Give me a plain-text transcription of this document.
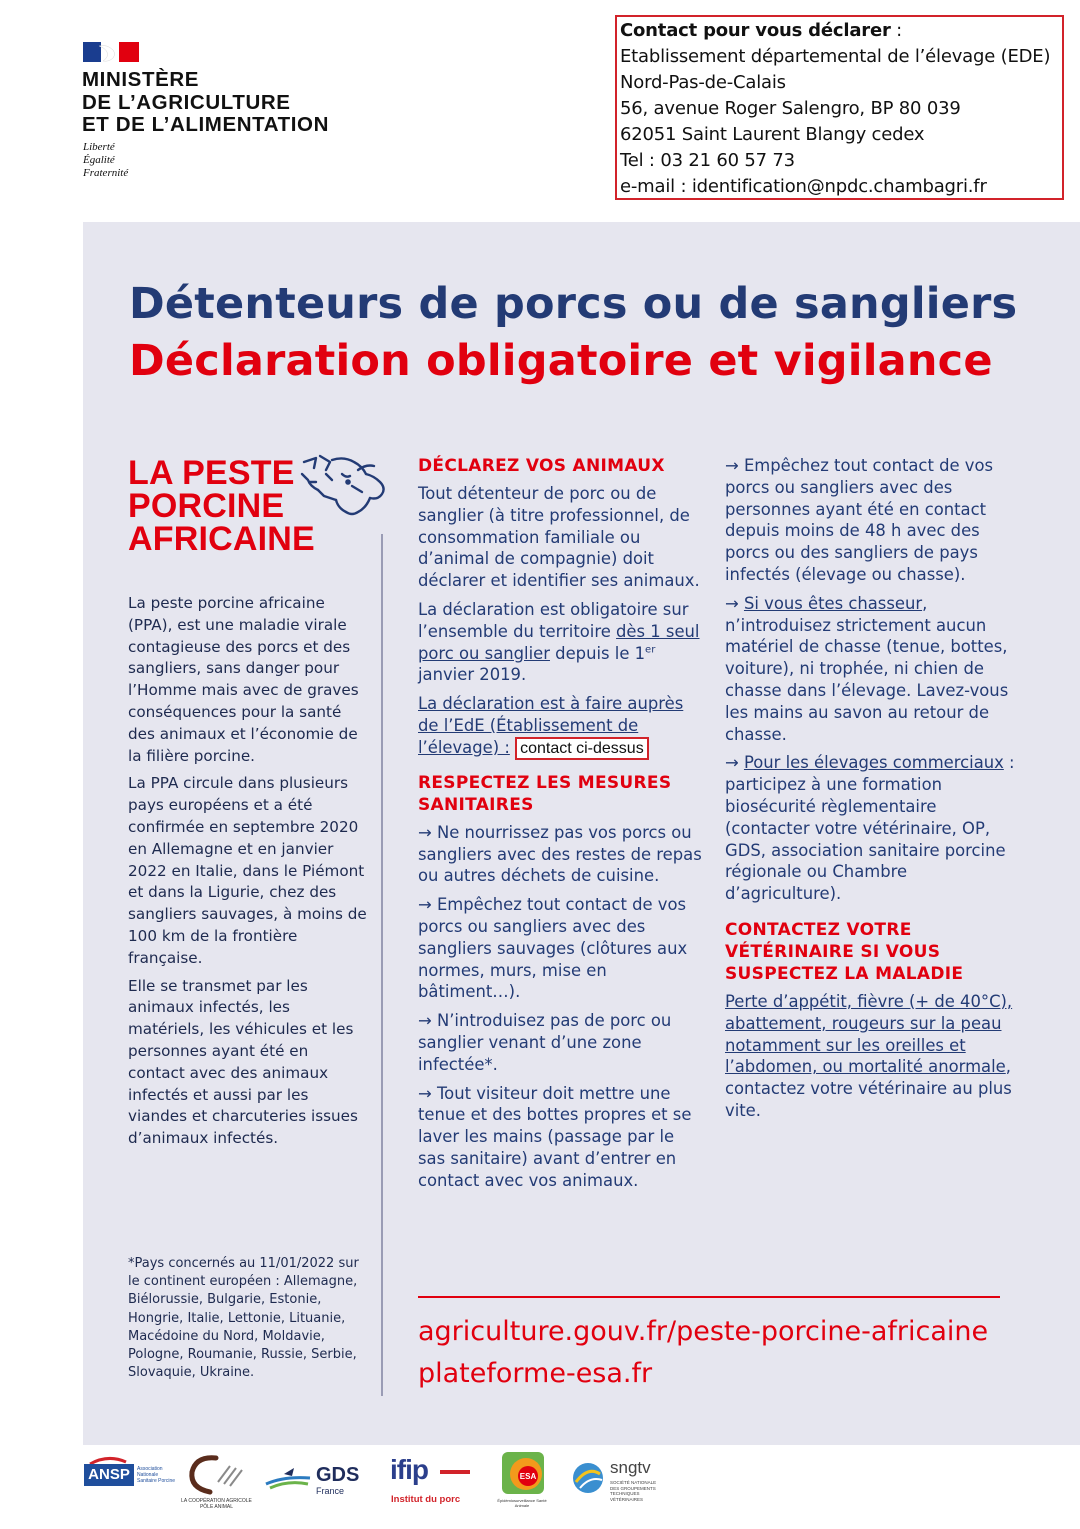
MINISTÈRE
DE L’AGRICULTURE
ET DE L’ALIMENTATION
Liberté
Égalité
Fraternité
Contact pour vous déclarer :
Etablissement départemental de l’élevage (EDE)
Nord-Pas-de-Calais
56, avenue Roger Salengro, BP 80 039
62051 Saint Laurent Blangy cedex
Tel : 03 21 60 57 73
e-mail : identification@npdc.chambagri.fr
Détenteurs de porcs ou de sangliers
Déclaration obligatoire et vigilance
LA PESTE
PORCINE
AFRICAINE

La peste porcine africaine (PPA), est une maladie virale contagieuse des porcs et des sangliers, sans danger pour l’Homme mais avec de graves conséquences pour la santé des animaux et l’économie de la filière porcine.

La PPA circule dans plusieurs pays européens et a été confirmée en septembre 2020 en Allemagne et en janvier 2022 en Italie, dans le Piémont et dans la Ligurie, chez des sangliers sauvages, à moins de 100 km de la frontière française.

Elle se transmet par les animaux infectés, les matériels, les véhicules et les personnes ayant été en contact avec des animaux infectés et aussi par les viandes et charcuteries issues d’animaux infectés.

*Pays concernés au 11/01/2022 sur le continent européen : Allemagne, Biélorussie, Bulgarie, Estonie, Hongrie, Italie, Lettonie, Lituanie, Macédoine du Nord, Moldavie, Pologne, Roumanie, Russie, Serbie, Slovaquie, Ukraine.
DÉCLAREZ VOS ANIMAUX
Tout détenteur de porc ou de sanglier (à titre professionnel, de consommation familiale ou d’animal de compagnie) doit déclarer et identifier ses animaux.
La déclaration est obligatoire sur l’ensemble du territoire dès 1 seul porc ou sanglier depuis le 1er janvier 2019.
La déclaration est à faire auprès de l’EdE (Établissement de l’élevage) : contact ci-dessus
RESPECTEZ LES MESURES SANITAIRES
→ Ne nourrissez pas vos porcs ou sangliers avec des restes de repas ou autres déchets de cuisine.
→ Empêchez tout contact de vos porcs ou sangliers avec des sangliers sauvages (clôtures aux normes, murs, mise en bâtiment…).
→ N’introduisez pas de porc ou sanglier venant d’une zone infectée*.
→ Tout visiteur doit mettre une tenue et des bottes propres et se laver les mains (passage par le sas sanitaire) avant d’entrer en contact avec vos animaux.
→ Empêchez tout contact de vos porcs ou sangliers avec des personnes ayant été en contact depuis moins de 48 h avec des porcs ou des sangliers de pays infectés (élevage ou chasse).
→ Si vous êtes chasseur, n’introduisez strictement aucun matériel de chasse (tenue, bottes, voiture), ni trophée, ni chien de chasse dans l’élevage. Lavez-vous les mains au savon au retour de chasse.
→ Pour les élevages commerciaux : participez à une formation biosécurité règlementaire (contacter votre vétérinaire, OP, GDS, association sanitaire porcine régionale ou Chambre d’agriculture).
CONTACTEZ VOTRE VÉTÉRINAIRE SI VOUS SUSPECTEZ LA MALADIE
Perte d’appétit, fièvre (+ de 40°C), abattement, rougeurs sur la peau notamment sur les oreilles et l’abdomen, ou mortalité anormale, contactez votre vétérinaire au plus vite.
agriculture.gouv.fr/peste-porcine-africaine
plateforme-esa.fr
ANSP	Association Nationale Sanitaire Porcine
LA COOPÉRATION AGRICOLE
PÔLE ANIMAL
GDS
France
ifip
Institut du porc
ESA
Épidémiosurveillance Santé Animale
sngtv
SOCIÉTÉ NATIONALE DES GROUPEMENTS TECHNIQUES VÉTÉRINAIRES
